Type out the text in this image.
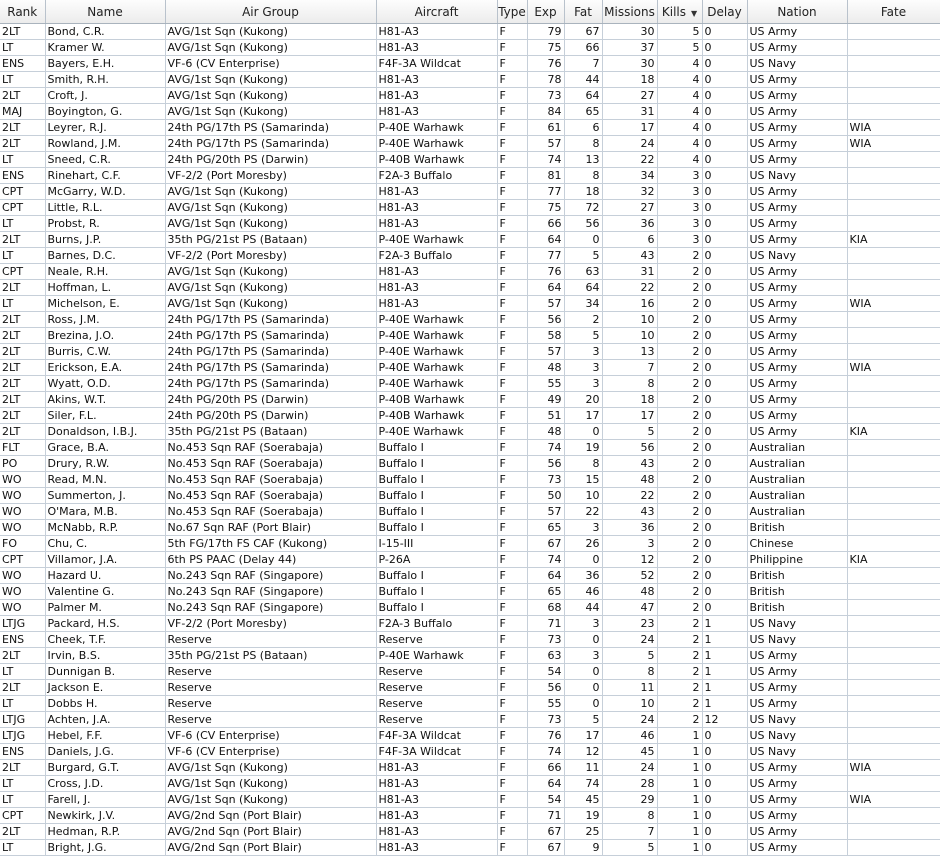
Rank	Name	Air Group	Aircraft	Type	Exp	Fat	Missions	Kills ▼	Delay	Nation	Fate
2LT	Bond, C.R.	AVG/1st Sqn (Kukong)	H81-A3	F	79	67	30	5	0	US Army	
LT	Kramer W.	AVG/1st Sqn (Kukong)	H81-A3	F	75	66	37	5	0	US Army	
ENS	Bayers, E.H.	VF-6 (CV Enterprise)	F4F-3A Wildcat	F	76	7	30	4	0	US Navy	
LT	Smith, R.H.	AVG/1st Sqn (Kukong)	H81-A3	F	78	44	18	4	0	US Army	
2LT	Croft, J.	AVG/1st Sqn (Kukong)	H81-A3	F	73	64	27	4	0	US Army	
MAJ	Boyington, G.	AVG/1st Sqn (Kukong)	H81-A3	F	84	65	31	4	0	US Army	
2LT	Leyrer, R.J.	24th PG/17th PS (Samarinda)	P-40E Warhawk	F	61	6	17	4	0	US Army	WIA
2LT	Rowland, J.M.	24th PG/17th PS (Samarinda)	P-40E Warhawk	F	57	8	24	4	0	US Army	WIA
LT	Sneed, C.R.	24th PG/20th PS (Darwin)	P-40B Warhawk	F	74	13	22	4	0	US Army	
ENS	Rinehart, C.F.	VF-2/2 (Port Moresby)	F2A-3 Buffalo	F	81	8	34	3	0	US Navy	
CPT	McGarry, W.D.	AVG/1st Sqn (Kukong)	H81-A3	F	77	18	32	3	0	US Army	
CPT	Little, R.L.	AVG/1st Sqn (Kukong)	H81-A3	F	75	72	27	3	0	US Army	
LT	Probst, R.	AVG/1st Sqn (Kukong)	H81-A3	F	66	56	36	3	0	US Army	
2LT	Burns, J.P.	35th PG/21st PS (Bataan)	P-40E Warhawk	F	64	0	6	3	0	US Army	KIA
LT	Barnes, D.C.	VF-2/2 (Port Moresby)	F2A-3 Buffalo	F	77	5	43	2	0	US Navy	
CPT	Neale, R.H.	AVG/1st Sqn (Kukong)	H81-A3	F	76	63	31	2	0	US Army	
2LT	Hoffman, L.	AVG/1st Sqn (Kukong)	H81-A3	F	64	64	22	2	0	US Army	
LT	Michelson, E.	AVG/1st Sqn (Kukong)	H81-A3	F	57	34	16	2	0	US Army	WIA
2LT	Ross, J.M.	24th PG/17th PS (Samarinda)	P-40E Warhawk	F	56	2	10	2	0	US Army	
2LT	Brezina, J.O.	24th PG/17th PS (Samarinda)	P-40E Warhawk	F	58	5	10	2	0	US Army	
2LT	Burris, C.W.	24th PG/17th PS (Samarinda)	P-40E Warhawk	F	57	3	13	2	0	US Army	
2LT	Erickson, E.A.	24th PG/17th PS (Samarinda)	P-40E Warhawk	F	48	3	7	2	0	US Army	WIA
2LT	Wyatt, O.D.	24th PG/17th PS (Samarinda)	P-40E Warhawk	F	55	3	8	2	0	US Army	
2LT	Akins, W.T.	24th PG/20th PS (Darwin)	P-40B Warhawk	F	49	20	18	2	0	US Army	
2LT	Siler, F.L.	24th PG/20th PS (Darwin)	P-40B Warhawk	F	51	17	17	2	0	US Army	
2LT	Donaldson, I.B.J.	35th PG/21st PS (Bataan)	P-40E Warhawk	F	48	0	5	2	0	US Army	KIA
FLT	Grace, B.A.	No.453 Sqn RAF (Soerabaja)	Buffalo I	F	74	19	56	2	0	Australian	
PO	Drury, R.W.	No.453 Sqn RAF (Soerabaja)	Buffalo I	F	56	8	43	2	0	Australian	
WO	Read, M.N.	No.453 Sqn RAF (Soerabaja)	Buffalo I	F	73	15	48	2	0	Australian	
WO	Summerton, J.	No.453 Sqn RAF (Soerabaja)	Buffalo I	F	50	10	22	2	0	Australian	
WO	O'Mara, M.B.	No.453 Sqn RAF (Soerabaja)	Buffalo I	F	57	22	43	2	0	Australian	
WO	McNabb, R.P.	No.67 Sqn RAF (Port Blair)	Buffalo I	F	65	3	36	2	0	British	
FO	Chu, C.	5th FG/17th FS CAF (Kukong)	I-15-III	F	67	26	3	2	0	Chinese	
CPT	Villamor, J.A.	6th PS PAAC (Delay 44)	P-26A	F	74	0	12	2	0	Philippine	KIA
WO	Hazard U.	No.243 Sqn RAF (Singapore)	Buffalo I	F	64	36	52	2	0	British	
WO	Valentine G.	No.243 Sqn RAF (Singapore)	Buffalo I	F	65	46	48	2	0	British	
WO	Palmer M.	No.243 Sqn RAF (Singapore)	Buffalo I	F	68	44	47	2	0	British	
LTJG	Packard, H.S.	VF-2/2 (Port Moresby)	F2A-3 Buffalo	F	71	3	23	2	1	US Navy	
ENS	Cheek, T.F.	Reserve	Reserve	F	73	0	24	2	1	US Navy	
2LT	Irvin, B.S.	35th PG/21st PS (Bataan)	P-40E Warhawk	F	63	3	5	2	1	US Army	
LT	Dunnigan B.	Reserve	Reserve	F	54	0	8	2	1	US Army	
2LT	Jackson E.	Reserve	Reserve	F	56	0	11	2	1	US Army	
LT	Dobbs H.	Reserve	Reserve	F	55	0	10	2	1	US Army	
LTJG	Achten, J.A.	Reserve	Reserve	F	73	5	24	2	12	US Navy	
LTJG	Hebel, F.F.	VF-6 (CV Enterprise)	F4F-3A Wildcat	F	76	17	46	1	0	US Navy	
ENS	Daniels, J.G.	VF-6 (CV Enterprise)	F4F-3A Wildcat	F	74	12	45	1	0	US Navy	
2LT	Burgard, G.T.	AVG/1st Sqn (Kukong)	H81-A3	F	66	11	24	1	0	US Army	WIA
LT	Cross, J.D.	AVG/1st Sqn (Kukong)	H81-A3	F	64	74	28	1	0	US Army	
LT	Farell, J.	AVG/1st Sqn (Kukong)	H81-A3	F	54	45	29	1	0	US Army	WIA
CPT	Newkirk, J.V.	AVG/2nd Sqn (Port Blair)	H81-A3	F	71	19	8	1	0	US Army	
2LT	Hedman, R.P.	AVG/2nd Sqn (Port Blair)	H81-A3	F	67	25	7	1	0	US Army	
LT	Bright, J.G.	AVG/2nd Sqn (Port Blair)	H81-A3	F	67	9	5	1	0	US Army	
